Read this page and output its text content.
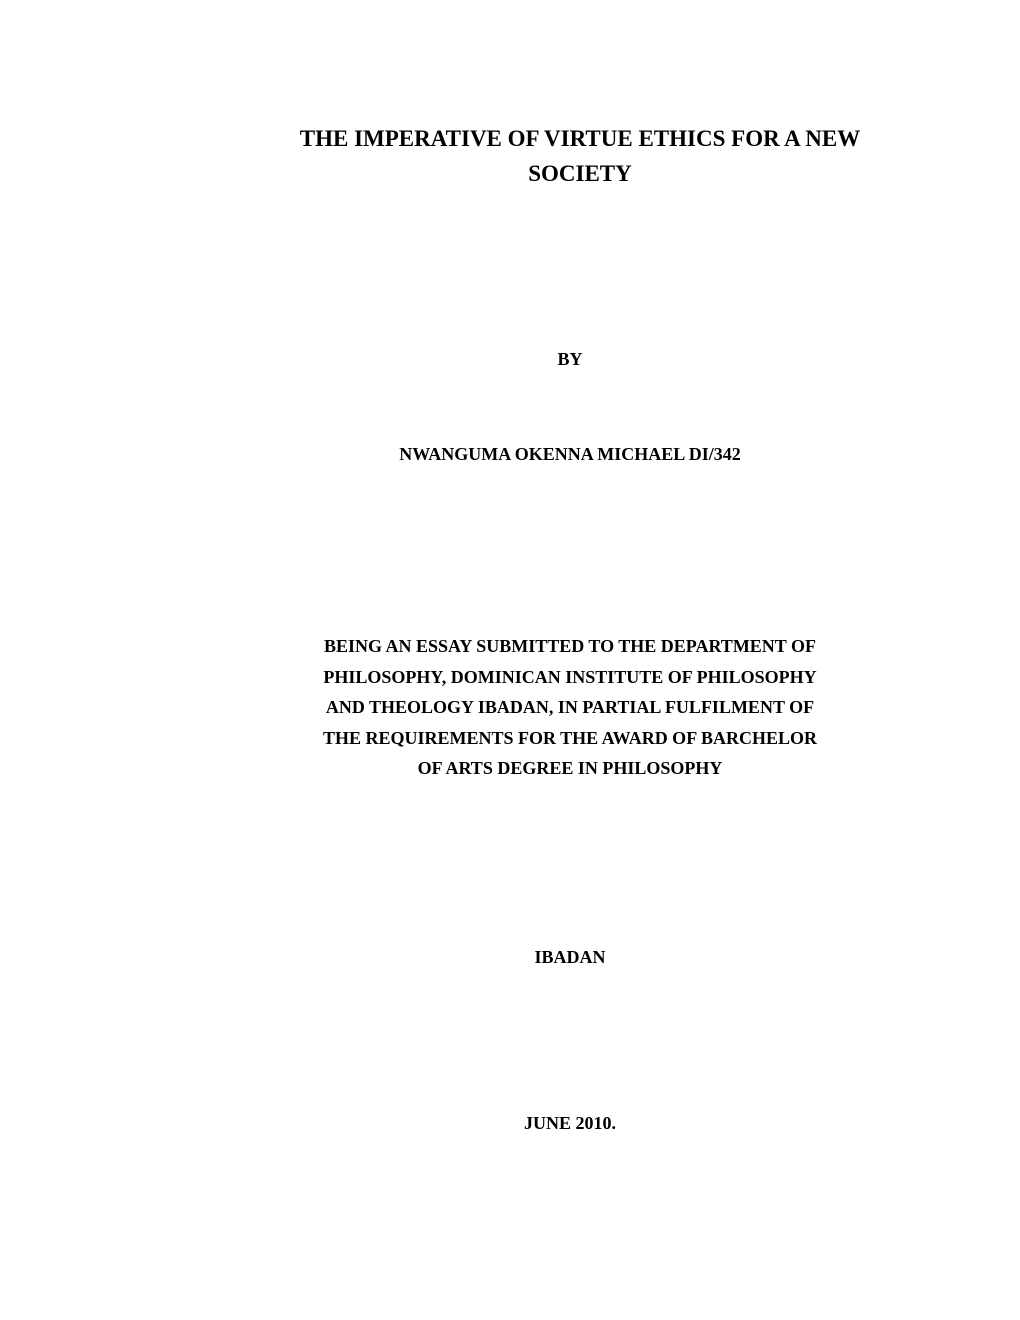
THE IMPERATIVE OF VIRTUE ETHICS FOR A NEW
SOCIETY
BY
NWANGUMA OKENNA MICHAEL DI/342
BEING AN ESSAY SUBMITTED TO THE DEPARTMENT OF
PHILOSOPHY, DOMINICAN INSTITUTE OF PHILOSOPHY
AND THEOLOGY IBADAN, IN PARTIAL FULFILMENT OF
THE REQUIREMENTS FOR THE AWARD OF BARCHELOR
OF ARTS DEGREE IN PHILOSOPHY
IBADAN
JUNE 2010.
